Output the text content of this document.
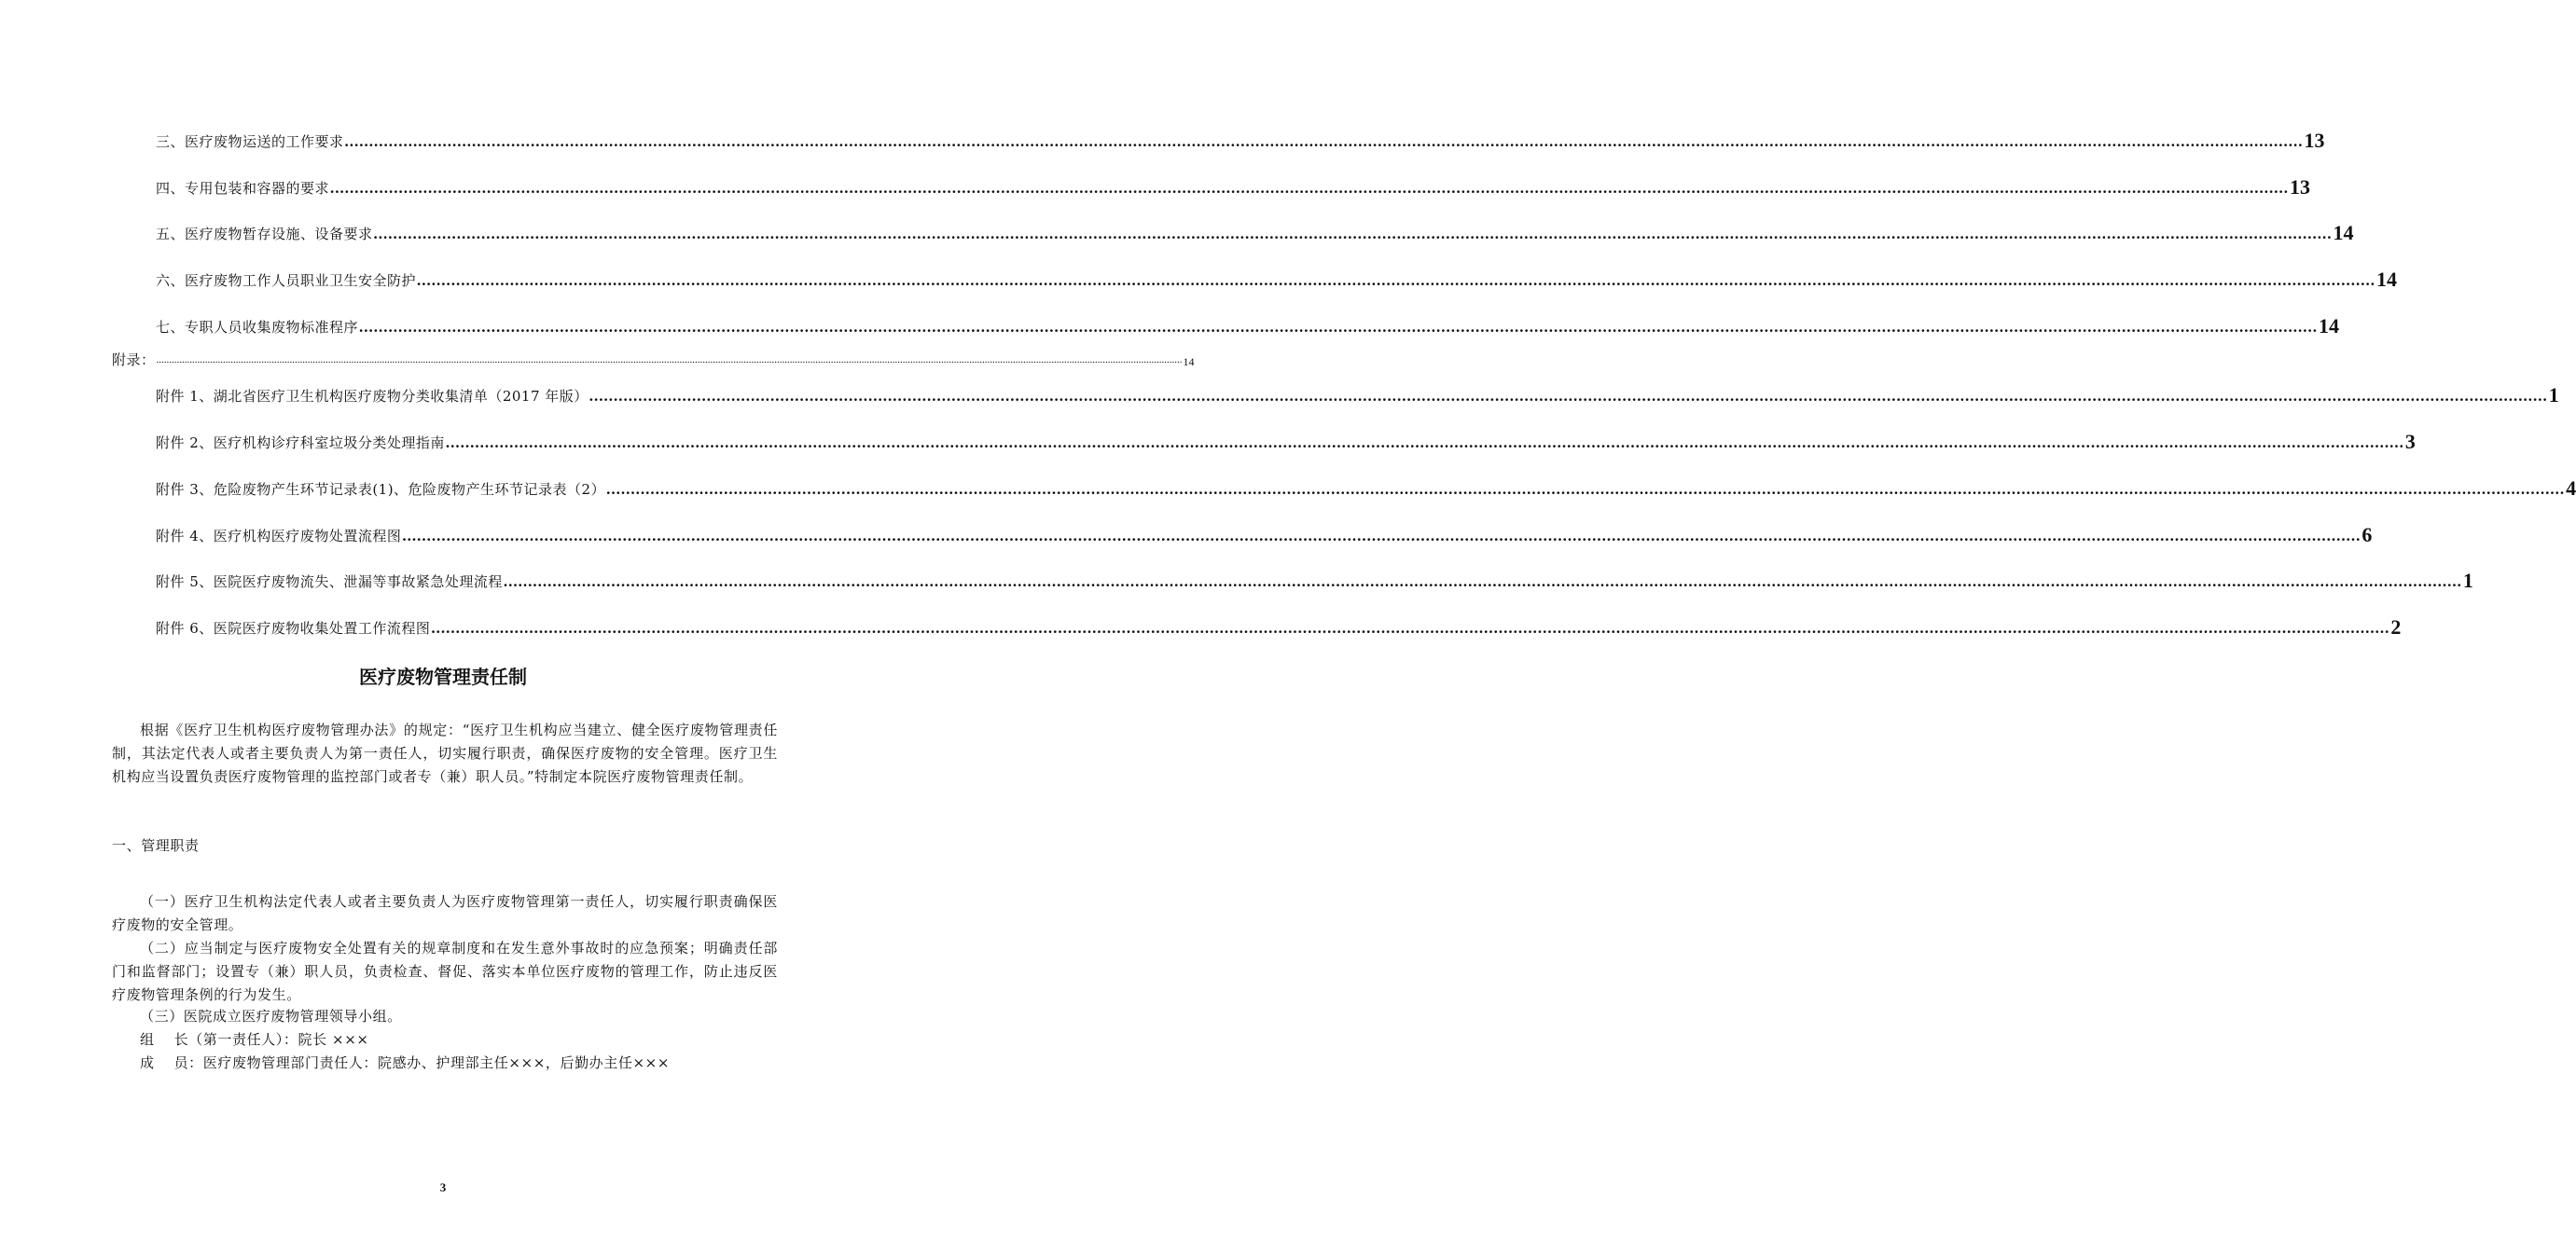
三、医疗废物运送的工作要求 ................................................................................................................................................................................................................................................................................................................................................................................................................ 13
四、专用包装和容器的要求 ................................................................................................................................................................................................................................................................................................................................................................................................................ 13
五、医疗废物暂存设施、设备要求 ................................................................................................................................................................................................................................................................................................................................................................................................................ 14
六、医疗废物工作人员职业卫生安全防护 ................................................................................................................................................................................................................................................................................................................................................................................................................ 14
七、专职人员收集废物标准程序 ................................................................................................................................................................................................................................................................................................................................................................................................................ 14
附录： ................................................................................................................................................................................................................................................................................................................................................................................................................ 14
附件 1、湖北省医疗卫生机构医疗废物分类收集清单（2017 年版） ................................................................................................................................................................................................................................................................................................................................................................................................................ 1
附件 2、医疗机构诊疗科室垃圾分类处理指南 ................................................................................................................................................................................................................................................................................................................................................................................................................ 3
附件 3、危险废物产生环节记录表(1)、危险废物产生环节记录表（2） ................................................................................................................................................................................................................................................................................................................................................................................................................ 4
附件 4、医疗机构医疗废物处置流程图 ................................................................................................................................................................................................................................................................................................................................................................................................................ 6
附件 5、医院医疗废物流失、泄漏等事故紧急处理流程 ................................................................................................................................................................................................................................................................................................................................................................................................................ 1
附件 6、医院医疗废物收集处置工作流程图 ................................................................................................................................................................................................................................................................................................................................................................................................................ 2
医疗废物管理责任制
根据《医疗卫生机构医疗废物管理办法》的规定：“医疗卫生机构应当建立、健全医疗废物管理责任制，其法定代表人或者主要负责人为第一责任人，切实履行职责，确保医疗废物的安全管理。医疗卫生机构应当设置负责医疗废物管理的监控部门或者专（兼）职人员。”特制定本院医疗废物管理责任制。
一、管理职责
（一）医疗卫生机构法定代表人或者主要负责人为医疗废物管理第一责任人，切实履行职责确保医疗废物的安全管理。
（二）应当制定与医疗废物安全处置有关的规章制度和在发生意外事故时的应急预案；明确责任部门和监督部门；设置专（兼）职人员，负责检查、督促、落实本单位医疗废物的管理工作，防止违反医疗废物管理条例的行为发生。
（三）医院成立医疗废物管理领导小组。
组　 长（第一责任人）：院长 ×××
成　 员：医疗废物管理部门责任人：院感办、护理部主任×××，后勤办主任×××
3
